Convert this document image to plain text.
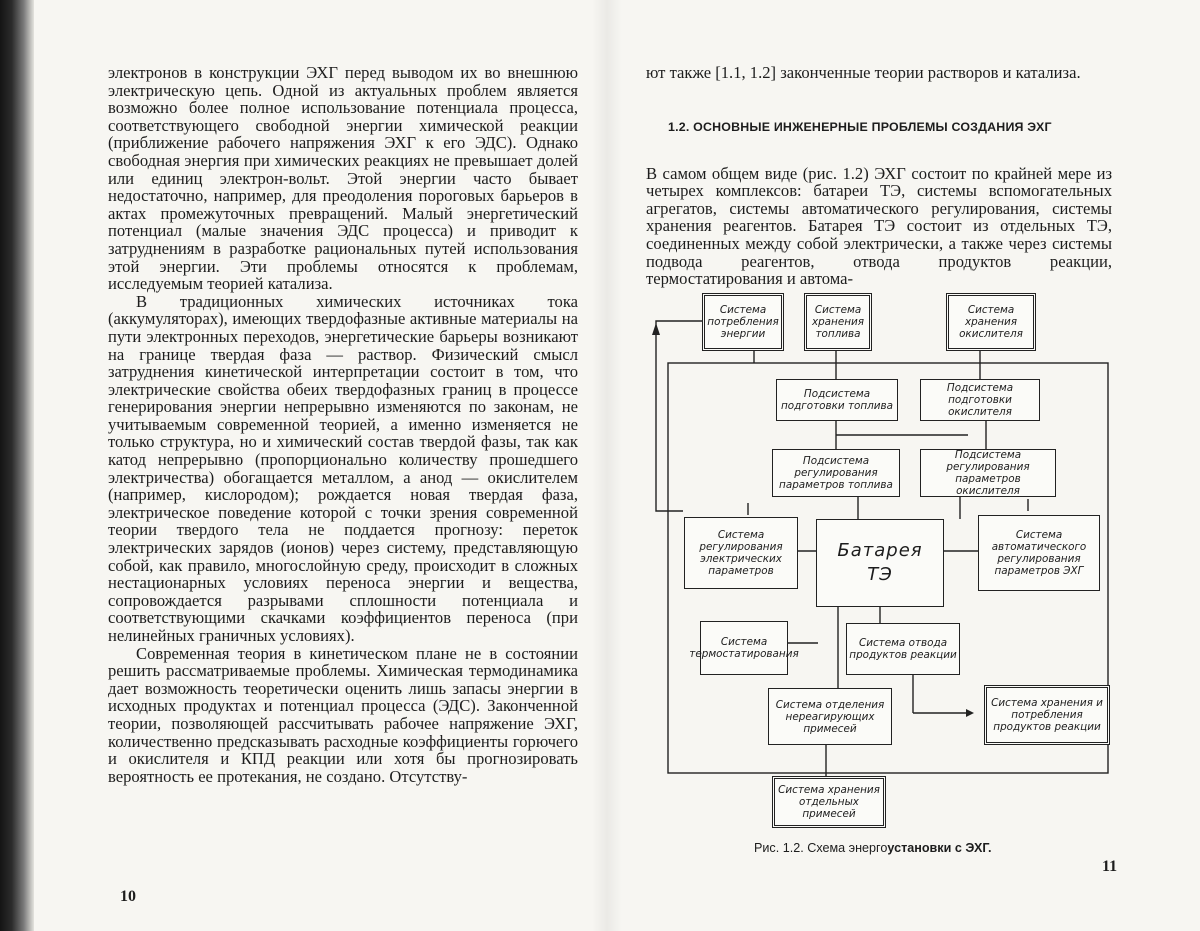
электронов в конструкции ЭХГ перед выводом их во внешнюю электрическую цепь. Одной из актуальных проблем является возможно более полное использование потенциала процесса, соответствующего свободной энергии химической реакции (приближение рабочего напряжения ЭХГ к его ЭДС). Однако свободная энергия при химических реакциях не превышает долей или единиц электрон-вольт. Этой энергии часто бывает недостаточно, например, для преодоления пороговых барьеров в актах промежуточных превращений. Малый энергетический потенциал (малые значения ЭДС процесса) и приводит к затруднениям в разработке рациональных путей использования этой энергии. Эти проблемы относятся к проблемам, исследуемым теорией катализа.

В традиционных химических источниках тока (аккумуляторах), имеющих твердофазные активные материалы на пути электронных переходов, энергетические барьеры возникают на границе твердая фаза — раствор. Физический смысл затруднения кинетической интерпретации состоит в том, что электрические свойства обеих твердофазных границ в процессе генерирования энергии непрерывно изменяются по законам, не учитываемым современной теорией, а именно изменяется не только структура, но и химический состав твердой фазы, так как катод непрерывно (пропорционально количеству прошедшего электричества) обогащается металлом, а анод — окислителем (например, кислородом); рождается новая твердая фаза, электрическое поведение которой с точки зрения современной теории твердого тела не поддается прогнозу: переток электрических зарядов (ионов) через систему, представляющую собой, как правило, многослойную среду, происходит в сложных нестационарных условиях переноса энергии и вещества, сопровождается разрывами сплошности потенциала и соответствующими скачками коэффициентов переноса (при нелинейных граничных условиях).

Современная теория в кинетическом плане не в состоянии решить рассматриваемые проблемы. Химическая термодинамика дает возможность теоретически оценить лишь запасы энергии в исходных продуктах и потенциал процесса (ЭДС). Законченной теории, позволяющей рассчитывать рабочее напряжение ЭХГ, количественно предсказывать расходные коэффициенты горючего и окислителя и КПД реакции или хотя бы прогнозировать вероятность ее протекания, не создано. Отсутству-

10

ют также [1.1, 1.2] законченные теории растворов и катализа.

1.2. ОСНОВНЫЕ ИНЖЕНЕРНЫЕ ПРОБЛЕМЫ СОЗДАНИЯ ЭХГ

В самом общем виде (рис. 1.2) ЭХГ состоит по крайней мере из четырех комплексов: батареи ТЭ, системы вспомогательных агрегатов, системы автоматического регулирования, системы хранения реагентов. Батарея ТЭ состоит из отдельных ТЭ, соединенных между собой электрически, а также через системы подвода реагентов, отвода продуктов реакции, термостатирования и автома-

Система потребления энергии
Система хранения топлива
Система хранения окислителя
Подсистема подготовки топлива
Подсистема подготовки окислителя
Подсистема регулирования параметров топлива
Подсистема регулирования параметров окислителя
Система регулирования электрических параметров
Батарея
ТЭ
Система автоматического регулирования параметров ЭХГ
Система термостатирования
Система отвода продуктов реакции
Система отделения нереагирующих примесей
Система хранения и потребления продуктов реакции
Система хранения отдельных примесей

Рис. 1.2. Схема энергоустановки с ЭХГ.

11
